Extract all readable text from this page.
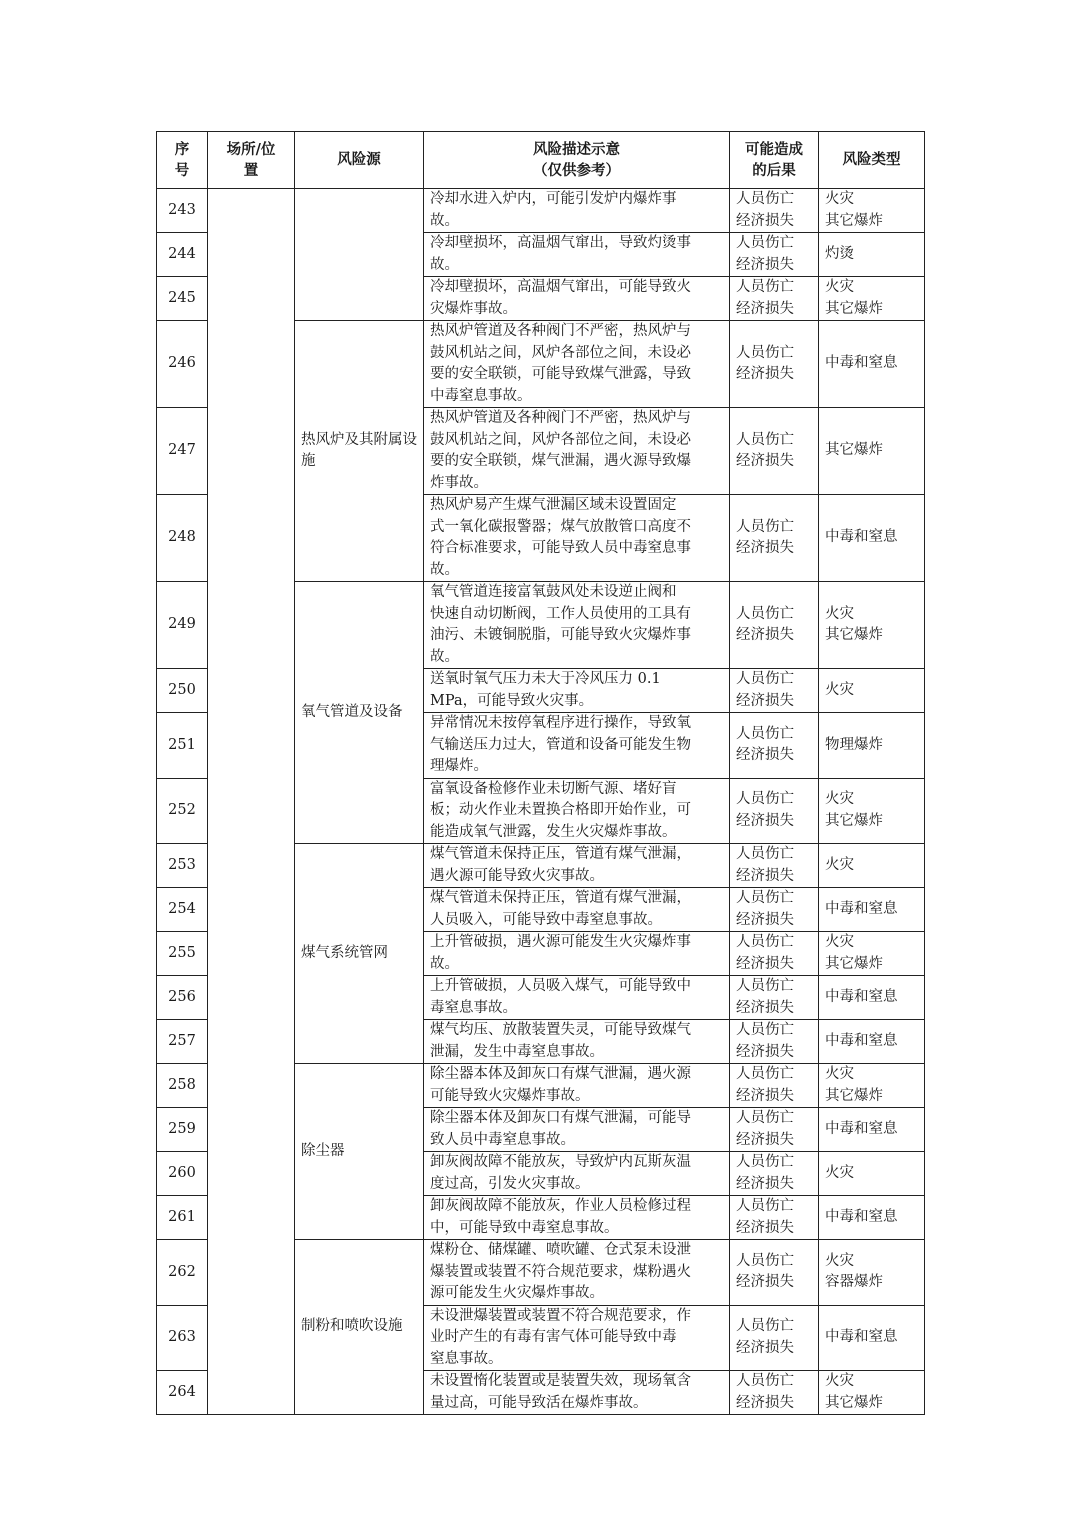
序
号	场所/位
置	风险源	风险描述示意
（仅供参考）	可能造成
的后果	风险类型
243			冷却水进入炉内，可能引发炉内爆炸事
故。	人员伤亡
经济损失	火灾
其它爆炸

244			冷却壁损坏，高温烟气窜出，导致灼烫事
故。	人员伤亡
经济损失	灼烫

245			冷却壁损坏，高温烟气窜出，可能导致火
灾爆炸事故。	人员伤亡
经济损失	火灾
其它爆炸

246		热风炉及其附属设施	热风炉管道及各种阀门不严密，热风炉与
鼓风机站之间，风炉各部位之间，未设必
要的安全联锁，可能导致煤气泄露，导致
中毒窒息事故。	人员伤亡
经济损失	中毒和窒息

247			热风炉管道及各种阀门不严密，热风炉与
鼓风机站之间，风炉各部位之间，未设必
要的安全联锁，煤气泄漏，遇火源导致爆
炸事故。	人员伤亡
经济损失	其它爆炸

248			热风炉易产生煤气泄漏区域未设置固定
式一氧化碳报警器；煤气放散管口高度不
符合标准要求，可能导致人员中毒窒息事
故。	人员伤亡
经济损失	中毒和窒息

249		氧气管道及设备	氧气管道连接富氧鼓风处未设逆止阀和
快速自动切断阀，工作人员使用的工具有
油污、未镀铜脱脂，可能导致火灾爆炸事
故。	人员伤亡
经济损失	火灾
其它爆炸

250			送氧时氧气压力未大于冷风压力 0.1
MPa，可能导致火灾事。	人员伤亡
经济损失	火灾

251			异常情况未按停氧程序进行操作，导致氧
气输送压力过大，管道和设备可能发生物
理爆炸。	人员伤亡
经济损失	物理爆炸

252			富氧设备检修作业未切断气源、堵好盲
板；动火作业未置换合格即开始作业，可
能造成氧气泄露，发生火灾爆炸事故。	人员伤亡
经济损失	火灾
其它爆炸

253		煤气系统管网	煤气管道未保持正压，管道有煤气泄漏，
遇火源可能导致火灾事故。	人员伤亡
经济损失	火灾

254			煤气管道未保持正压，管道有煤气泄漏，
人员吸入，可能导致中毒窒息事故。	人员伤亡
经济损失	中毒和窒息

255			上升管破损，遇火源可能发生火灾爆炸事
故。	人员伤亡
经济损失	火灾
其它爆炸

256			上升管破损，人员吸入煤气，可能导致中
毒窒息事故。	人员伤亡
经济损失	中毒和窒息

257			煤气均压、放散装置失灵，可能导致煤气
泄漏，发生中毒窒息事故。	人员伤亡
经济损失	中毒和窒息

258		除尘器	除尘器本体及卸灰口有煤气泄漏，遇火源
可能导致火灾爆炸事故。	人员伤亡
经济损失	火灾
其它爆炸

259			除尘器本体及卸灰口有煤气泄漏，可能导
致人员中毒窒息事故。	人员伤亡
经济损失	中毒和窒息

260			卸灰阀故障不能放灰，导致炉内瓦斯灰温
度过高，引发火灾事故。	人员伤亡
经济损失	火灾

261			卸灰阀故障不能放灰，作业人员检修过程
中，可能导致中毒窒息事故。	人员伤亡
经济损失	中毒和窒息

262		制粉和喷吹设施	煤粉仓、储煤罐、喷吹罐、仓式泵未设泄
爆装置或装置不符合规范要求，煤粉遇火
源可能发生火灾爆炸事故。	人员伤亡
经济损失	火灾
容器爆炸

263			未设泄爆装置或装置不符合规范要求，作
业时产生的有毒有害气体可能导致中毒
窒息事故。	人员伤亡
经济损失	中毒和窒息

264			未设置惰化装置或是装置失效，现场氧含
量过高，可能导致活在爆炸事故。	人员伤亡
经济损失	火灾
其它爆炸
